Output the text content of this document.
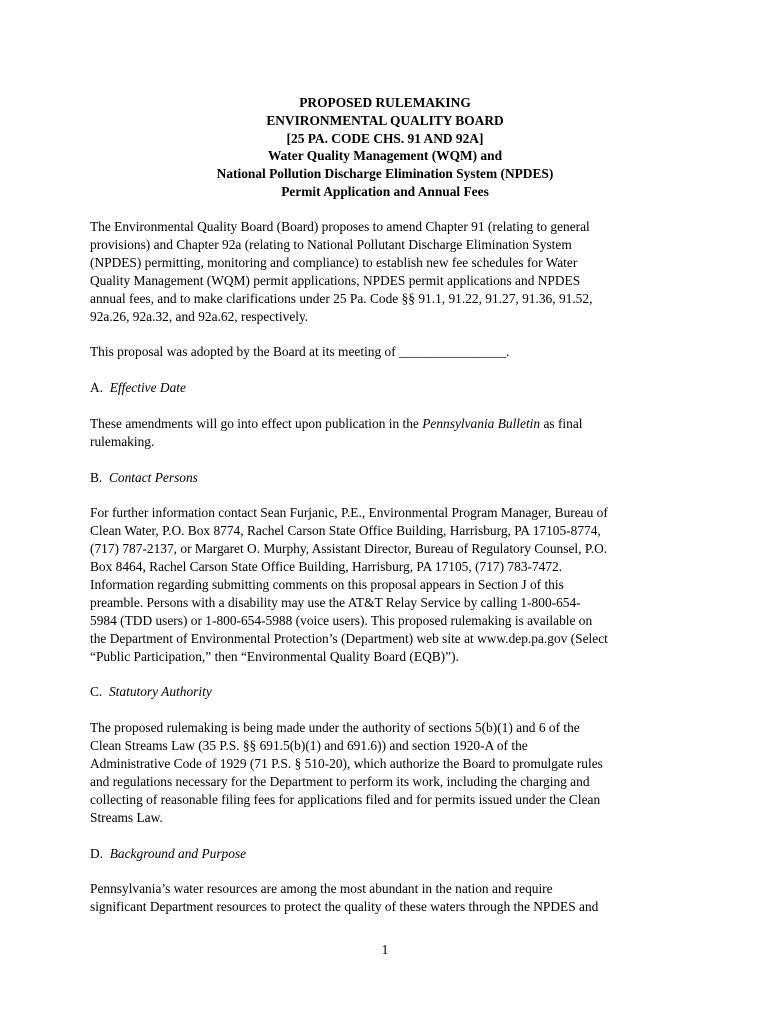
PROPOSED RULEMAKING
ENVIRONMENTAL QUALITY BOARD
[25 PA. CODE CHS. 91 AND 92A]
Water Quality Management (WQM) and
National Pollution Discharge Elimination System (NPDES)
Permit Application and Annual Fees

The Environmental Quality Board (Board) proposes to amend Chapter 91 (relating to general
provisions) and Chapter 92a (relating to National Pollutant Discharge Elimination System
(NPDES) permitting, monitoring and compliance) to establish new fee schedules for Water
Quality Management (WQM) permit applications, NPDES permit applications and NPDES
annual fees, and to make clarifications under 25 Pa. Code §§ 91.1, 91.22, 91.27, 91.36, 91.52,
92a.26, 92a.32, and 92a.62, respectively.

This proposal was adopted by the Board at its meeting of ________________.

A. Effective Date

These amendments will go into effect upon publication in the Pennsylvania Bulletin as final
rulemaking.

B. Contact Persons

For further information contact Sean Furjanic, P.E., Environmental Program Manager, Bureau of
Clean Water, P.O. Box 8774, Rachel Carson State Office Building, Harrisburg, PA 17105-8774,
(717) 787-2137, or Margaret O. Murphy, Assistant Director, Bureau of Regulatory Counsel, P.O.
Box 8464, Rachel Carson State Office Building, Harrisburg, PA 17105, (717) 783-7472.
Information regarding submitting comments on this proposal appears in Section J of this
preamble. Persons with a disability may use the AT&T Relay Service by calling 1-800-654-
5984 (TDD users) or 1-800-654-5988 (voice users). This proposed rulemaking is available on
the Department of Environmental Protection’s (Department) web site at www.dep.pa.gov (Select
“Public Participation,” then “Environmental Quality Board (EQB)”).

C. Statutory Authority

The proposed rulemaking is being made under the authority of sections 5(b)(1) and 6 of the
Clean Streams Law (35 P.S. §§ 691.5(b)(1) and 691.6)) and section 1920-A of the
Administrative Code of 1929 (71 P.S. § 510-20), which authorize the Board to promulgate rules
and regulations necessary for the Department to perform its work, including the charging and
collecting of reasonable filing fees for applications filed and for permits issued under the Clean
Streams Law.

D. Background and Purpose

Pennsylvania’s water resources are among the most abundant in the nation and require
significant Department resources to protect the quality of these waters through the NPDES and

1
